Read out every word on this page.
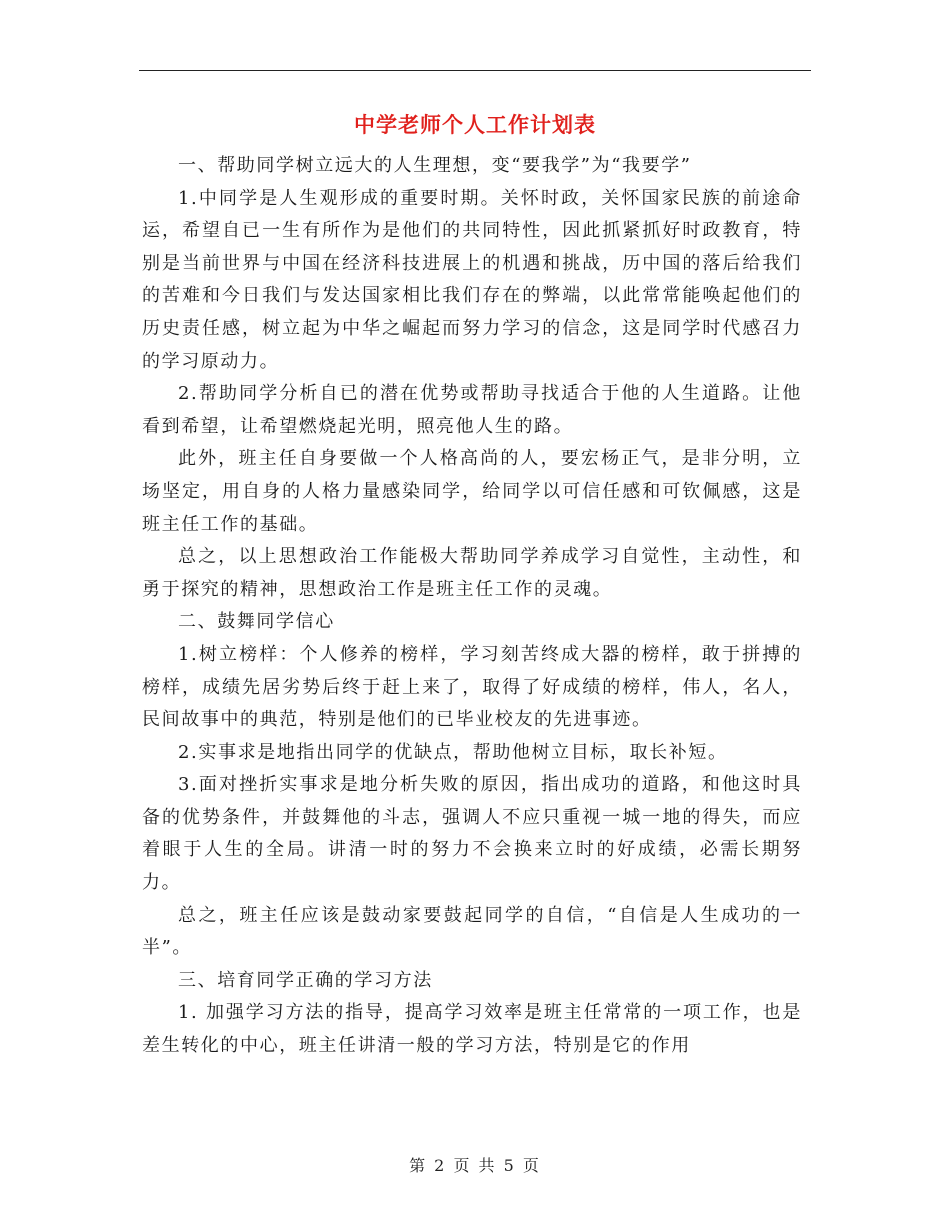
中学老师个人工作计划表

一、帮助同学树立远大的人生理想，变“要我学”为“我要学”

1.中同学是人生观形成的重要时期。关怀时政，关怀国家民族的前途命运，希望自已一生有所作为是他们的共同特性，因此抓紧抓好时政教育，特别是当前世界与中国在经济科技进展上的机遇和挑战，历中国的落后给我们的苦难和今日我们与发达国家相比我们存在的弊端，以此常常能唤起他们的历史责任感，树立起为中华之崛起而努力学习的信念，这是同学时代感召力的学习原动力。

2.帮助同学分析自已的潜在优势或帮助寻找适合于他的人生道路。让他看到希望，让希望燃烧起光明，照亮他人生的路。

此外，班主任自身要做一个人格高尚的人，要宏杨正气，是非分明，立场坚定，用自身的人格力量感染同学，给同学以可信任感和可钦佩感，这是班主任工作的基础。

总之，以上思想政治工作能极大帮助同学养成学习自觉性，主动性，和勇于探究的精神，思想政治工作是班主任工作的灵魂。

二、鼓舞同学信心

1.树立榜样：个人修养的榜样，学习刻苦终成大器的榜样，敢于拼搏的榜样，成绩先居劣势后终于赶上来了，取得了好成绩的榜样，伟人，名人，民间故事中的典范，特别是他们的已毕业校友的先进事迹。

2.实事求是地指出同学的优缺点，帮助他树立目标，取长补短。

3.面对挫折实事求是地分析失败的原因，指出成功的道路，和他这时具备的优势条件，并鼓舞他的斗志，强调人不应只重视一城一地的得失，而应着眼于人生的全局。讲清一时的努力不会换来立时的好成绩，必需长期努力。

总之，班主任应该是鼓动家要鼓起同学的自信，“自信是人生成功的一半”。

三、培育同学正确的学习方法

1. 加强学习方法的指导，提高学习效率是班主任常常的一项工作，也是差生转化的中心，班主任讲清一般的学习方法，特别是它的作用

第 2 页 共 5 页
